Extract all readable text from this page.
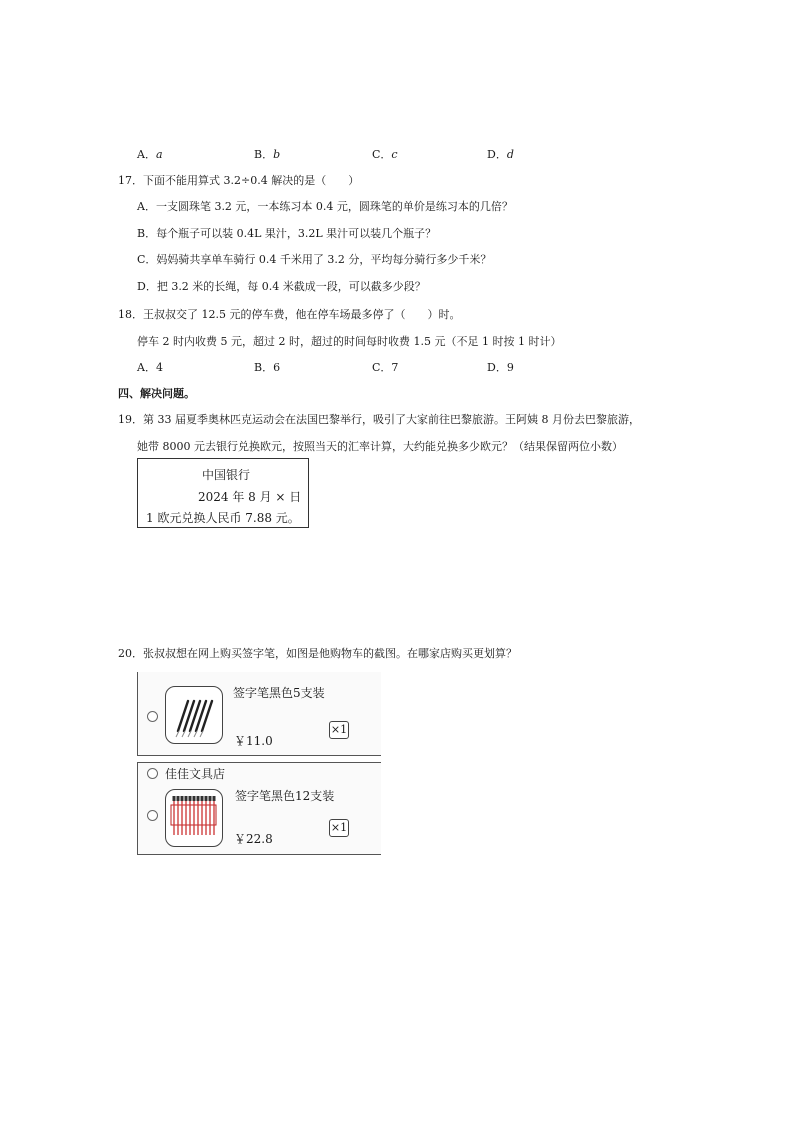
A．a	B．b	C．c	D．d
17．下面不能用算式 3.2÷0.4 解决的是（　　）
A．一支圆珠笔 3.2 元，一本练习本 0.4 元，圆珠笔的单价是练习本的几倍？
B．每个瓶子可以装 0.4L 果汁，3.2L 果汁可以装几个瓶子？
C．妈妈骑共享单车骑行 0.4 千米用了 3.2 分，平均每分骑行多少千米？
D．把 3.2 米的长绳，每 0.4 米截成一段，可以截多少段？
18．王叔叔交了 12.5 元的停车费，他在停车场最多停了（　　）时。
停车 2 时内收费 5 元，超过 2 时，超过的时间每时收费 1.5 元（不足 1 时按 1 时计）
A．4	B．6	C．7	D．9
四、解决问题。
19．第 33 届夏季奥林匹克运动会在法国巴黎举行，吸引了大家前往巴黎旅游。王阿姨 8 月份去巴黎旅游，
她带 8000 元去银行兑换欧元，按照当天的汇率计算，大约能兑换多少欧元？（结果保留两位小数）
中国银行
2024 年 8 月 × 日
1 欧元兑换人民币 7.88 元。
20．张叔叔想在网上购买签字笔，如图是他购物车的截图。在哪家店购买更划算？
签字笔黑色5支装
￥11.0
×1
佳佳文具店
签字笔黑色12支装
￥22.8
×1
